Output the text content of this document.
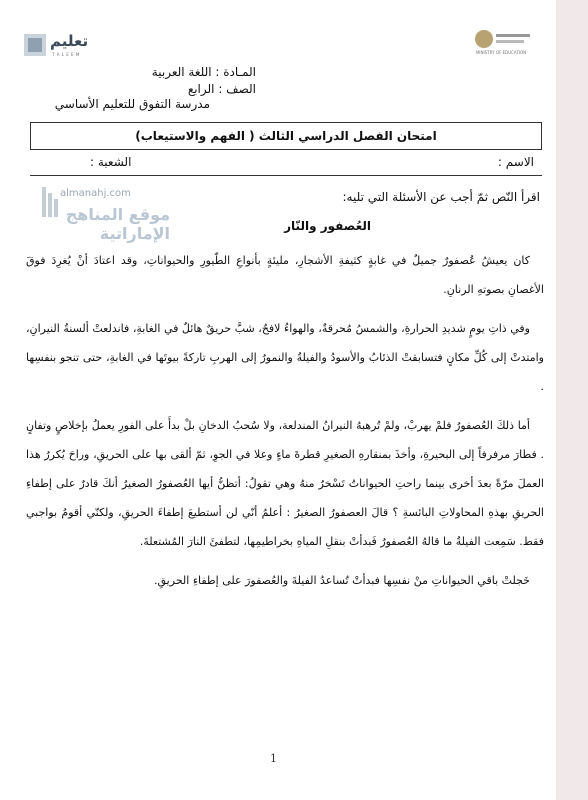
تعليم
T A L E E M	MINISTRY OF EDUCATION
المـادة : اللغة العربية
الصف : الرابع
مدرسة التفوق للتعليم الأساسي
امتحان الفصل الدراسي الثالث ( الفهم والاستيعاب)
الاسم :
الشعبة :
almanahj.com
موقع المناهج الإماراتية
اقرأ النّص ثمّ أجب عن الأسئلة التي تليه:
العُصفور والنّار

كان يعيشُ عُصفورٌ جميلٌ في غابةٍ كثيفةِ الأشجارِ، مليئةٍ بأنواعِ الطّيورِ والحيواناتِ، وقد اعتادَ أنْ يُغرِدَ فوقَ الأغصانِ بصوتهِ الرنانِ.

وفي ذاتِ يومٍ شديدِ الحرارةِ، والشمسُ مُحرقةٌ، والهواءُ لافحٌ، شبَّ حريقٌ هائلٌ في الغابةِ، فاندلعتْ ألسنةُ النيرانِ، وامتدتْ إلى كُلِّ مكانٍ فتسابقتْ الذئابُ والأسودُ والفيلةُ والنمورُ إلى الهربِ تاركةً بيوتَها في الغابةِ، حتى تنجو بنفسِها .

أما ذلكَ العُصفورُ فلمْ يهربْ، ولمْ تُرهبهُ النيرانُ المندلعة، ولا سُحبُ الدخانِ بلْ بدأَ على الفورِ يعملُ بإخلاصٍ وتفانٍ . فطارَ مرفرفاً إلى البحيرةِ، وأخذَ بمنقارهِ الصغيرِ قطرةَ ماءٍ وعلا في الجوِ، ثمّ ألقى بها على الحريقِ، وراحَ يُكررُ هذا العملَ مرّةً بعدَ أخرى بينما راحتِ الحيواناتُ تَسْخرُ منهُ وهي تقولُ: أتظنُّ أيها العُصفورُ الصغيرُ أنكَ قادرٌ على إطفاءِ الحريقِ بهذهِ المحاولاتِ البائسةِ ؟ قالَ العصفورُ الصغيرُ : أعلمُ أنّي لن أستطيعَ إطفاءَ الحريقِ، ولكنّي أقومُ بواجبي فقط. سَمِعت الفيلةُ ما قالهُ العُصفورُ فَبدأتْ بنقلِ المياهِ بخراطيمِها، لتطفئَ النارَ المُشتعلةَ.

خَجلتْ باقي الحيواناتِ منْ نفسِها فبدأتْ تُساعدُ الفيلةَ والعُصفورَ على إطفاءِ الحريقِ.

1
